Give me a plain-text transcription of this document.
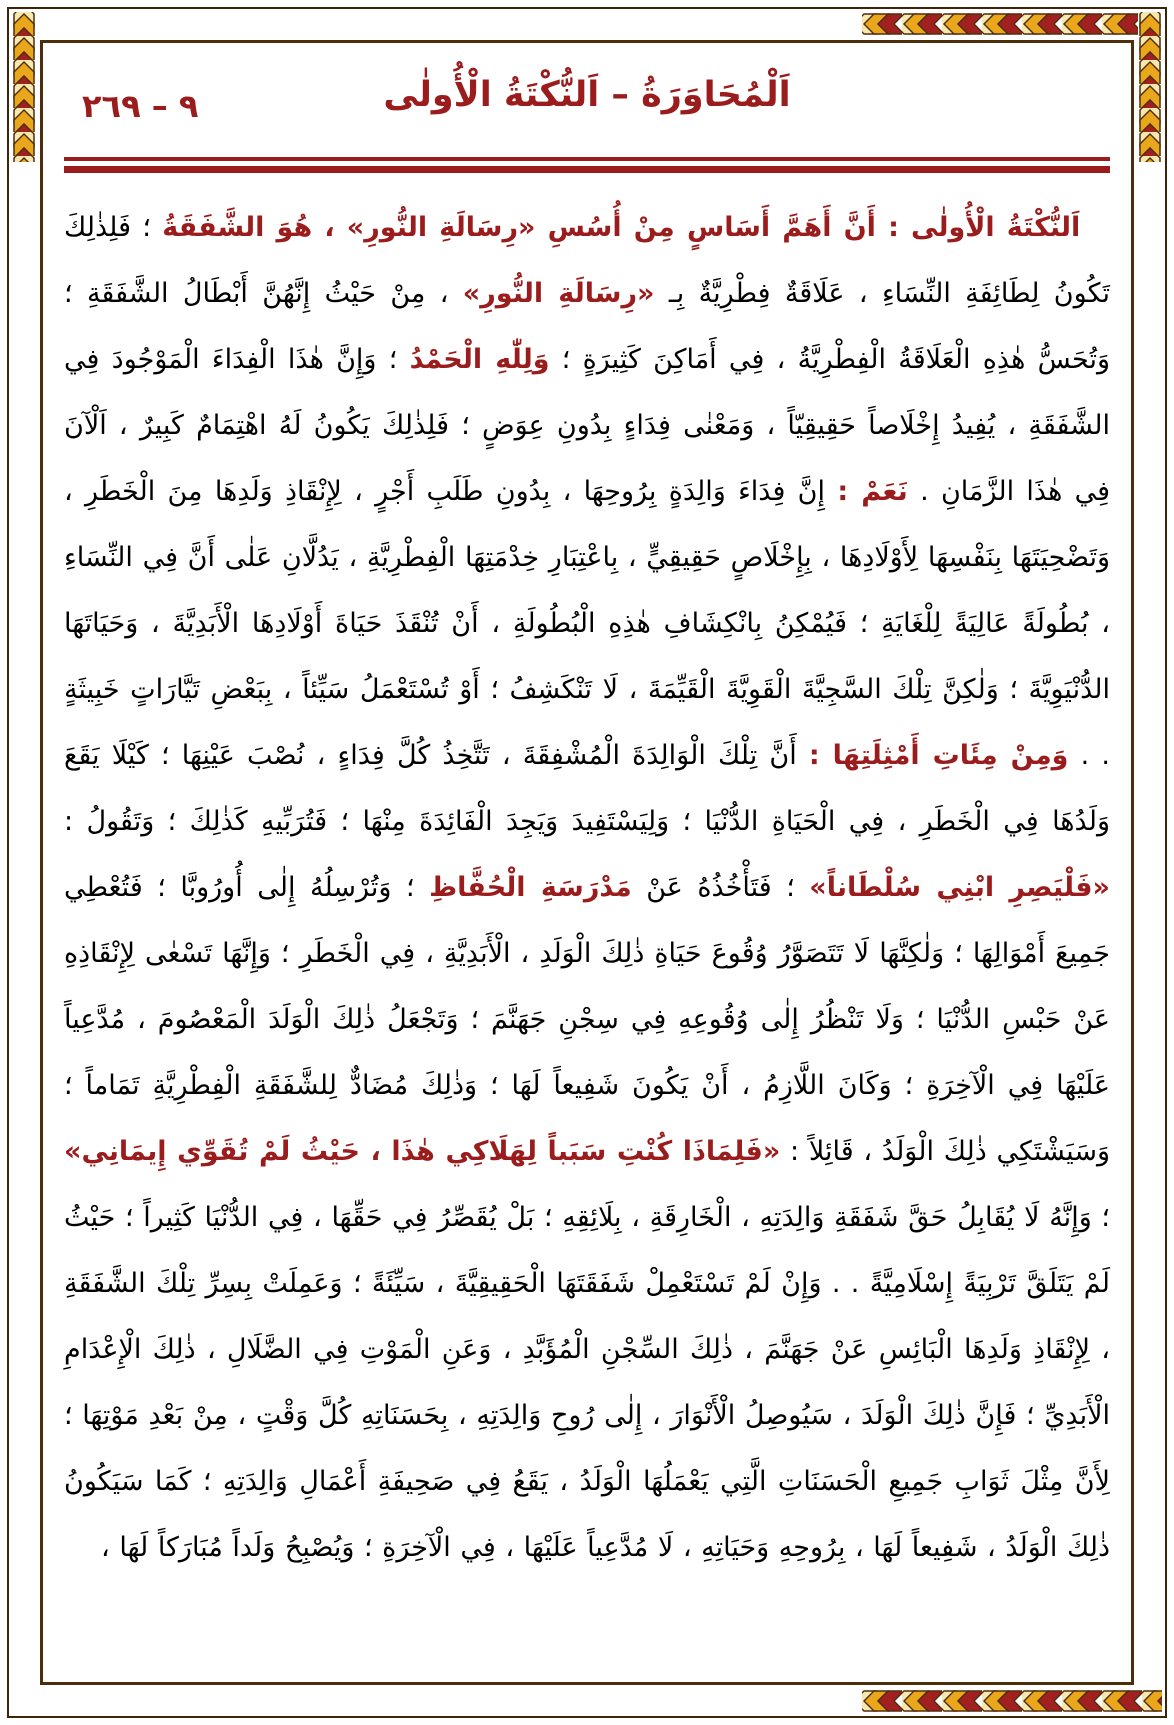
٩ – ٢٦٩	اَلْمُحَاوَرَةُ – اَلنُّكْتَةُ الْأُولٰى

اَلنُّكْتَةُ الْأُولٰى : أَنَّ أَهَمَّ أَسَاسٍ مِنْ أُسُسِ «رِسَالَةِ النُّورِ» ، هُوَ الشَّفَقَةُ ؛ فَلِذٰلِكَ تَكُونُ لِطَائِفَةِ النِّسَاءِ ، عَلَاقَةٌ فِطْرِيَّةٌ بِـ «رِسَالَةِ النُّورِ» ، مِنْ حَيْثُ إِنَّهُنَّ أَبْطَالُ الشَّفَقَةِ ؛ وَتُحَسُّ هٰذِهِ الْعَلَاقَةُ الْفِطْرِيَّةُ ، فِي أَمَاكِنَ كَثِيرَةٍ ؛ وَلِلّٰهِ الْحَمْدُ ؛ وَإِنَّ هٰذَا الْفِدَاءَ الْمَوْجُودَ فِي الشَّفَقَةِ ، يُفِيدُ إِخْلَاصاً حَقِيقِيّاً ، وَمَعْنٰى فِدَاءٍ بِدُونِ عِوَضٍ ؛ فَلِذٰلِكَ يَكُونُ لَهُ اهْتِمَامٌ كَبِيرٌ ، اَلْآنَ فِي هٰذَا الزَّمَانِ . نَعَمْ : إِنَّ فِدَاءَ وَالِدَةٍ بِرُوحِهَا ، بِدُونِ طَلَبِ أَجْرٍ ، لِإِنْقَاذِ وَلَدِهَا مِنَ الْخَطَرِ ، وَتَضْحِيَتَهَا بِنَفْسِهَا لِأَوْلَادِهَا ، بِإِخْلَاصٍ حَقِيقِيٍّ ، بِاعْتِبَارِ خِدْمَتِهَا الْفِطْرِيَّةِ ، يَدُلَّانِ عَلٰى أَنَّ فِي النِّسَاءِ ، بُطُولَةً عَالِيَةً لِلْغَايَةِ ؛ فَيُمْكِنُ بِانْكِشَافِ هٰذِهِ الْبُطُولَةِ ، أَنْ تُنْقَذَ حَيَاةَ أَوْلَادِهَا الْأَبَدِيَّةَ ، وَحَيَاتَهَا الدُّنْيَوِيَّةَ ؛ وَلٰكِنَّ تِلْكَ السَّجِيَّةَ الْقَوِيَّةَ الْقَيِّمَةَ ، لَا تَنْكَشِفُ ؛ أَوْ تُسْتَعْمَلُ سَيِّئاً ، بِبَعْضِ تَيَّارَاتٍ خَبِيثَةٍ . . وَمِنْ مِئَاتِ أَمْثِلَتِهَا : أَنَّ تِلْكَ الْوَالِدَةَ الْمُشْفِقَةَ ، تَتَّخِذُ كُلَّ فِدَاءٍ ، نُصْبَ عَيْنِهَا ؛ كَيْلَا يَقَعَ وَلَدُهَا فِي الْخَطَرِ ، فِي الْحَيَاةِ الدُّنْيَا ؛ وَلِيَسْتَفِيدَ وَيَجِدَ الْفَائِدَةَ مِنْهَا ؛ فَتُرَبِّيهِ كَذٰلِكَ ؛ وَتَقُولُ : «فَلْيَصِرِ ابْنِي سُلْطَاناً» ؛ فَتَأْخُذُهُ عَنْ مَدْرَسَةِ الْحُفَّاظِ ؛ وَتُرْسِلُهُ إِلٰى أُورُوبَّا ؛ فَتُعْطِي جَمِيعَ أَمْوَالِهَا ؛ وَلٰكِنَّهَا لَا تَتَصَوَّرُ وُقُوعَ حَيَاةِ ذٰلِكَ الْوَلَدِ ، الْأَبَدِيَّةِ ، فِي الْخَطَرِ ؛ وَإِنَّهَا تَسْعٰى لِإِنْقَاذِهِ عَنْ حَبْسِ الدُّنْيَا ؛ وَلَا تَنْظُرُ إِلٰى وُقُوعِهِ فِي سِجْنِ جَهَنَّمَ ؛ وَتَجْعَلُ ذٰلِكَ الْوَلَدَ الْمَعْصُومَ ، مُدَّعِياً عَلَيْهَا فِي الْآخِرَةِ ؛ وَكَانَ اللَّازِمُ ، أَنْ يَكُونَ شَفِيعاً لَهَا ؛ وَذٰلِكَ مُضَادٌّ لِلشَّفَقَةِ الْفِطْرِيَّةِ تَمَاماً ؛ وَسَيَشْتَكِي ذٰلِكَ الْوَلَدُ ، قَائِلاً : «فَلِمَاذَا كُنْتِ سَبَباً لِهَلَاكِي هٰذَا ، حَيْثُ لَمْ تُقَوِّي إِيمَانِي» ؛ وَإِنَّهُ لَا يُقَابِلُ حَقَّ شَفَقَةِ وَالِدَتِهِ ، الْخَارِقَةِ ، بِلَائِقِهِ ؛ بَلْ يُقَصِّرُ فِي حَقِّهَا ، فِي الدُّنْيَا كَثِيراً ؛ حَيْثُ لَمْ يَتَلَقَّ تَرْبِيَةً إِسْلَامِيَّةً . . وَإِنْ لَمْ تَسْتَعْمِلْ شَفَقَتَهَا الْحَقِيقِيَّةَ ، سَيِّئَةً ؛ وَعَمِلَتْ بِسِرِّ تِلْكَ الشَّفَقَةِ ، لِإِنْقَاذِ وَلَدِهَا الْبَائِسِ عَنْ جَهَنَّمَ ، ذٰلِكَ السِّجْنِ الْمُؤَبَّدِ ، وَعَنِ الْمَوْتِ فِي الضَّلَالِ ، ذٰلِكَ الْإِعْدَامِ الْأَبَدِيِّ ؛ فَإِنَّ ذٰلِكَ الْوَلَدَ ، سَيُوصِلُ الْأَنْوَارَ ، إِلٰى رُوحِ وَالِدَتِهِ ، بِحَسَنَاتِهِ كُلَّ وَقْتٍ ، مِنْ بَعْدِ مَوْتِهَا ؛ لِأَنَّ مِثْلَ ثَوَابِ جَمِيعِ الْحَسَنَاتِ الَّتِي يَعْمَلُهَا الْوَلَدُ ، يَقَعُ فِي صَحِيفَةِ أَعْمَالِ وَالِدَتِهِ ؛ كَمَا سَيَكُونُ ذٰلِكَ الْوَلَدُ ، شَفِيعاً لَهَا ، بِرُوحِهِ وَحَيَاتِهِ ، لَا مُدَّعِياً عَلَيْهَا ، فِي الْآخِرَةِ ؛ وَيُصْبِحُ وَلَداً مُبَارَكاً لَهَا ،
